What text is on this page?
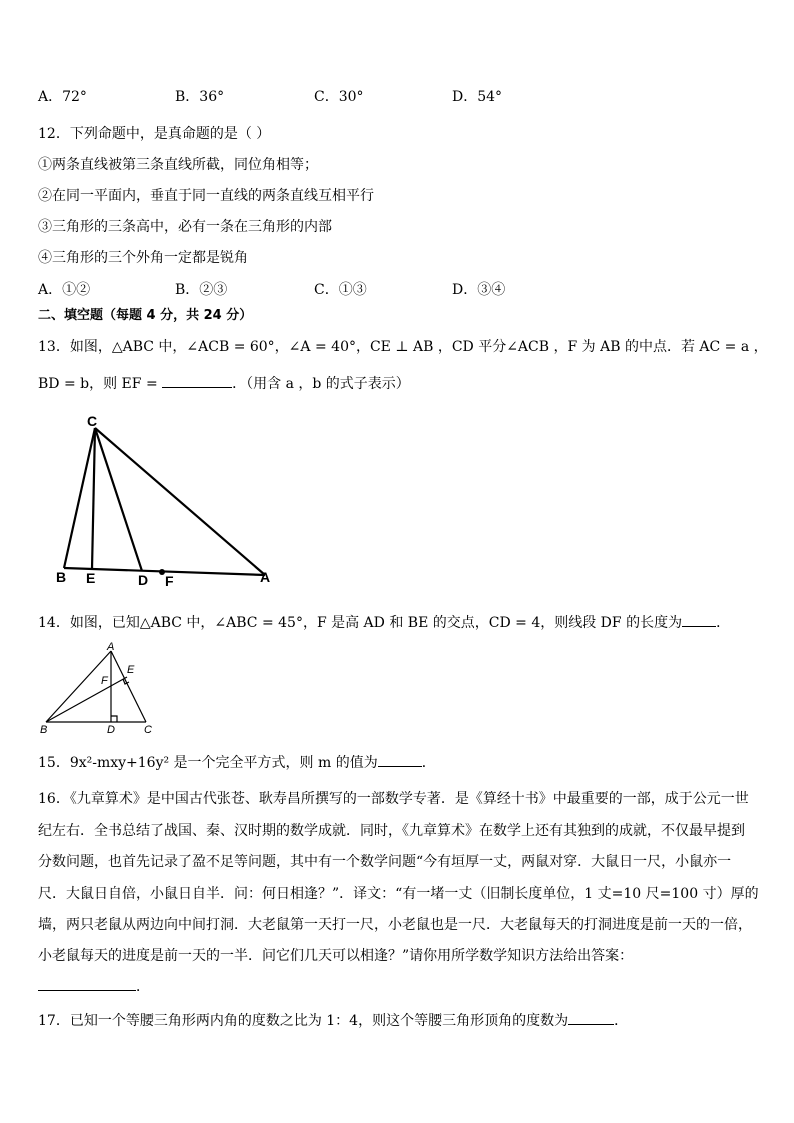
A．72°	B．36°	C．30°	D．54°
12．下列命题中，是真命题的是（ ）
①两条直线被第三条直线所截，同位角相等；
②在同一平面内，垂直于同一直线的两条直线互相平行
③三角形的三条高中，必有一条在三角形的内部
④三角形的三个外角一定都是锐角
A．①②	B．②③	C．①③	D．③④
二、填空题（每题 4 分，共 24 分）
13．如图，△ABC 中，∠ACB = 60°，∠A = 40°，CE ⊥ AB ，CD 平分∠ACB ，F 为 AB 的中点．若 AC = a ，
BD = b，则 EF =	．（用含 a ，b 的式子表示）
C
B E	D F	A
14．如图，已知△ABC 中，∠ABC = 45°，F 是高 AD 和 BE 的交点，CD = 4，则线段 DF 的长度为 ．
A
E
F
B	D	C
15．9x²-mxy+16y² 是一个完全平方式，则 m 的值为	．
16．《九章算术》是中国古代张苍、耿寿昌所撰写的一部数学专著．是《算经十书》中最重要的一部，成于公元一世
纪左右．全书总结了战国、秦、汉时期的数学成就．同时，《九章算术》在数学上还有其独到的成就，不仅最早提到
分数问题，也首先记录了盈不足等问题，其中有一个数学问题“今有垣厚一丈，两鼠对穿．大鼠日一尺，小鼠亦一
尺．大鼠日自倍，小鼠日自半．问：何日相逢？”．译文：“有一堵一丈（旧制长度单位，1 丈=10 尺=100 寸）厚的
墙，两只老鼠从两边向中间打洞．大老鼠第一天打一尺，小老鼠也是一尺．大老鼠每天的打洞进度是前一天的一倍，
小老鼠每天的进度是前一天的一半．问它们几天可以相逢？”请你用所学数学知识方法给出答案：
．
17．已知一个等腰三角形两内角的度数之比为 1：4，则这个等腰三角形顶角的度数为	．
